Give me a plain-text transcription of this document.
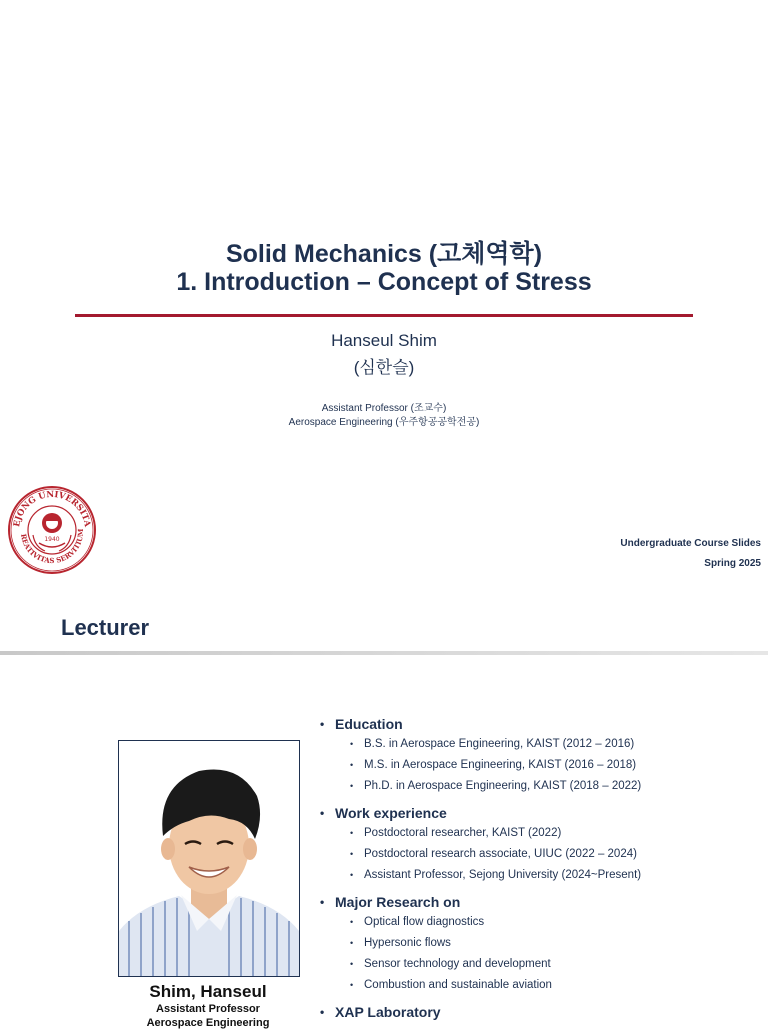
Solid Mechanics (고체역학)
1. Introduction – Concept of Stress
Hanseul Shim
(심한슬)
Assistant Professor (조교수)
Aerospace Engineering (우주항공공학전공)
EJONG UNIVERSITA
REATIVITAS SERVITIUM
1940	Undergraduate Course Slides
Spring 2025
Lecturer
Shim, Hanseul
Assistant Professor
Aerospace Engineering
• Education
• B.S. in Aerospace Engineering, KAIST (2012 – 2016)
• M.S. in Aerospace Engineering, KAIST (2016 – 2018)
• Ph.D. in Aerospace Engineering, KAIST (2018 – 2022)
• Work experience
• Postdoctoral researcher, KAIST (2022)
• Postdoctoral research associate, UIUC (2022 – 2024)
• Assistant Professor, Sejong University (2024~Present)
• Major Research on
• Optical flow diagnostics
• Hypersonic flows
• Sensor technology and development
• Combustion and sustainable aviation
• XAP Laboratory
